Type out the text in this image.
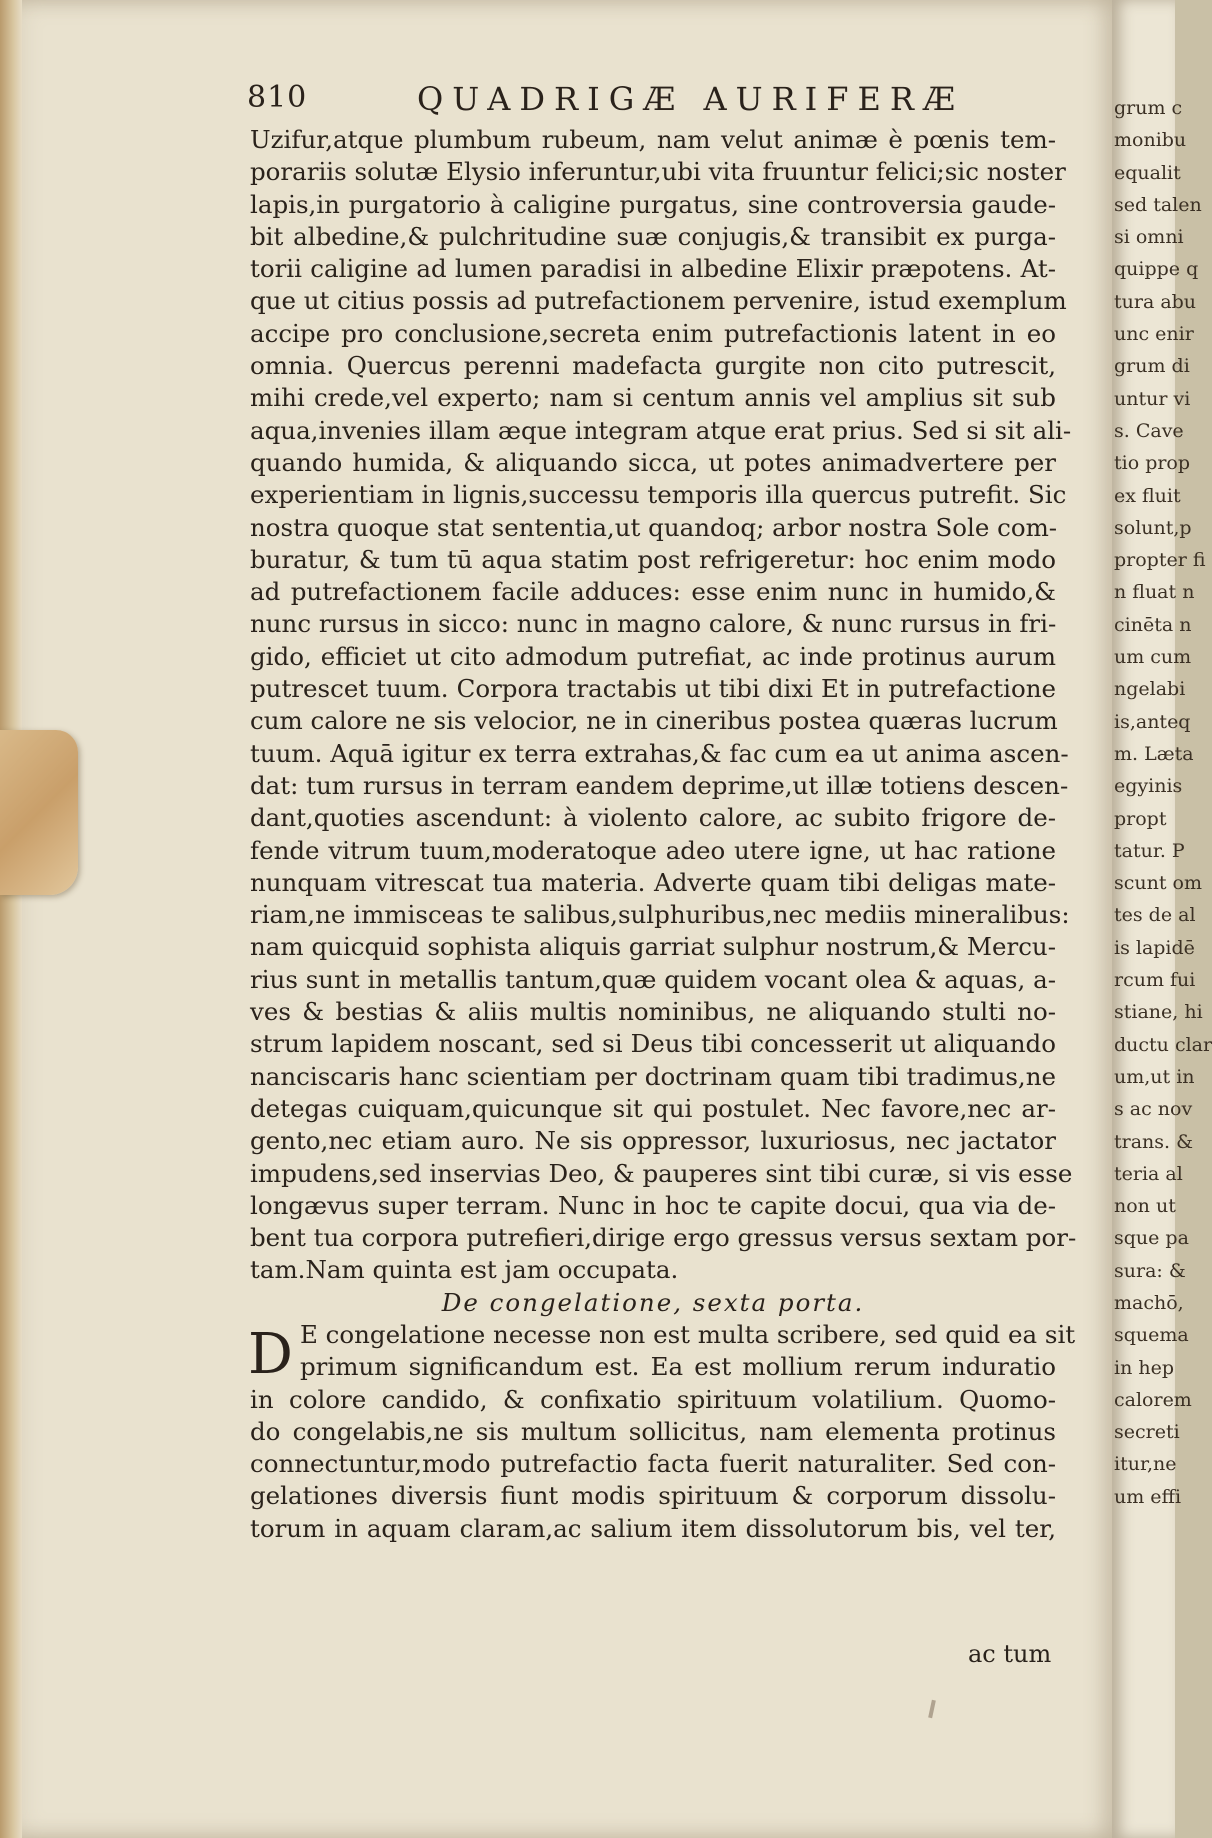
810	QUADRIGÆ AURIFERÆ
Uzifur,atque plumbum rubeum, nam velut animæ è pœnis tem-
porariis solutæ Elysio inferuntur,ubi vita fruuntur felici;sic noster
lapis,in purgatorio à caligine purgatus, sine controversia gaude-
bit albedine,& pulchritudine suæ conjugis,& transibit ex purga-
torii caligine ad lumen paradisi in albedine Elixir præpotens. At-
que ut citius possis ad putrefactionem pervenire, istud exemplum
accipe pro conclusione,secreta enim putrefactionis latent in eo
omnia. Quercus perenni madefacta gurgite non cito putrescit,
mihi crede,vel experto; nam si centum annis vel amplius sit sub
aqua,invenies illam æque integram atque erat prius. Sed si sit ali-
quando humida, & aliquando sicca, ut potes animadvertere per
experientiam in lignis,successu temporis illa quercus putrefit. Sic
nostra quoque stat sententia,ut quandoq; arbor nostra Sole com-
buratur, & tum tū aqua statim post refrigeretur: hoc enim modo
ad putrefactionem facile adduces: esse enim nunc in humido,&
nunc rursus in sicco: nunc in magno calore, & nunc rursus in fri-
gido, efficiet ut cito admodum putrefiat, ac inde protinus aurum
putrescet tuum. Corpora tractabis ut tibi dixi Et in putrefactione
cum calore ne sis velocior, ne in cineribus postea quæras lucrum
tuum. Aquā igitur ex terra extrahas,& fac cum ea ut anima ascen-
dat: tum rursus in terram eandem deprime,ut illæ totiens descen-
dant,quoties ascendunt: à violento calore, ac subito frigore de-
fende vitrum tuum,moderatoque adeo utere igne, ut hac ratione
nunquam vitrescat tua materia. Adverte quam tibi deligas mate-
riam,ne immisceas te salibus,sulphuribus,nec mediis mineralibus:
nam quicquid sophista aliquis garriat sulphur nostrum,& Mercu-
rius sunt in metallis tantum,quæ quidem vocant olea & aquas, a-
ves & bestias & aliis multis nominibus, ne aliquando stulti no-
strum lapidem noscant, sed si Deus tibi concesserit ut aliquando
nanciscaris hanc scientiam per doctrinam quam tibi tradimus,ne
detegas cuiquam,quicunque sit qui postulet. Nec favore,nec ar-
gento,nec etiam auro. Ne sis oppressor, luxuriosus, nec jactator
impudens,sed inservias Deo, & pauperes sint tibi curæ, si vis esse
longævus super terram. Nunc in hoc te capite docui, qua via de-
bent tua corpora putrefieri,dirige ergo gressus versus sextam por-
tam.Nam quinta est jam occupata.
De congelatione, sexta porta.
D E congelatione necesse non est multa scribere, sed quid ea sit
primum significandum est. Ea est mollium rerum induratio
in colore candido, & confixatio spirituum volatilium. Quomo-
do congelabis,ne sis multum sollicitus, nam elementa protinus
connectuntur,modo putrefactio facta fuerit naturaliter. Sed con-
gelationes diversis fiunt modis spirituum & corporum dissolu-
torum in aquam claram,ac salium item dissolutorum bis, vel ter,
ac tum
grum c
monibu
equalit
sed talen
si omni
quippe q
tura abu
unc enir
grum di
untur vi
s. Cave
tio prop
ex fluit
solunt,p
propter fi
n fluat n
cinēta n
um cum
ngelabi
is,anteq
m. Læta
egyinis
propt
tatur. P
scunt om
tes de al
is lapidē
rcum fui
stiane, hi
ductu clar
um,ut in
s ac nov
trans. &
teria al
non ut
sque pa
sura: &
machō,
squema
in hep
calorem
secreti
itur,ne
um effi
